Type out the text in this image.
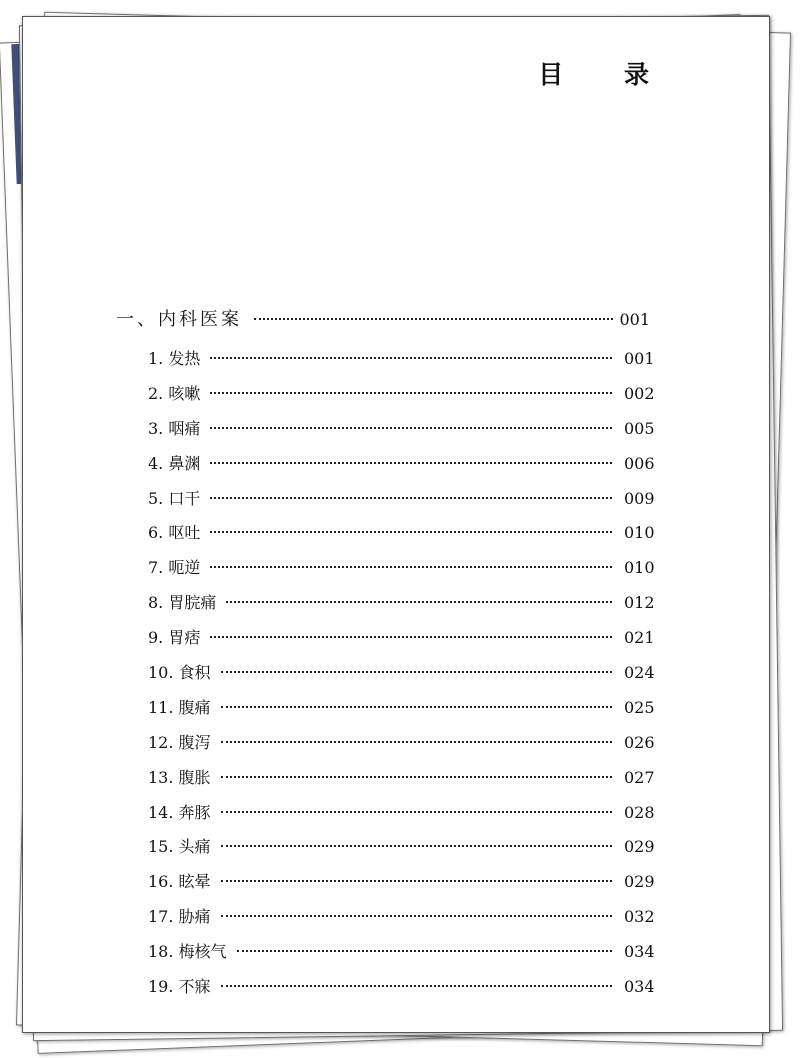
目 录
一、内科医案	001
1. 发热	001
2. 咳嗽	002
3. 咽痛	005
4. 鼻渊	006
5. 口干	009
6. 呕吐	010
7. 呃逆	010
8. 胃脘痛	012
9. 胃痞	021
10. 食积	024
11. 腹痛	025
12. 腹泻	026
13. 腹胀	027
14. 奔豚	028
15. 头痛	029
16. 眩晕	029
17. 胁痛	032
18. 梅核气	034
19. 不寐	034
